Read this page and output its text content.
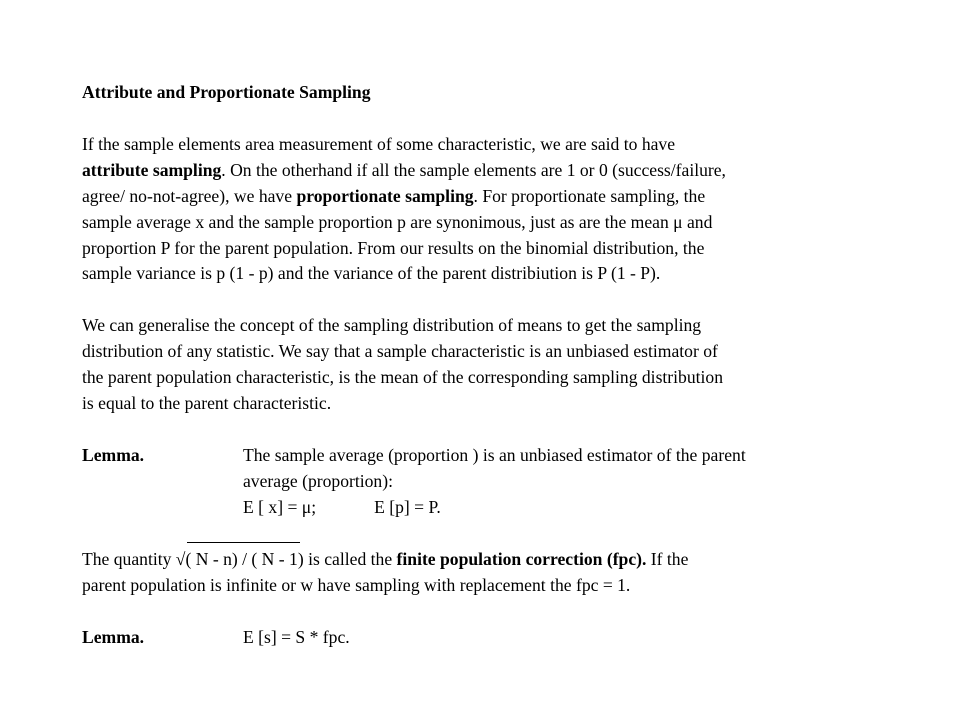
Attribute and Proportionate Sampling
If the sample elements area measurement of some characteristic, we are said to have
attribute sampling. On the otherhand if all the sample elements are 1 or 0 (success/failure,
agree/ no-not-agree), we have proportionate sampling. For proportionate sampling, the
sample average x and the sample proportion p are synonimous, just as are the mean μ and
proportion P for the parent population. From our results on the binomial distribution, the
sample variance is p (1 - p) and the variance of the parent distribiution is P (1 - P).
We can generalise the concept of the sampling distribution of means to get the sampling
distribution of any statistic. We say that a sample characteristic is an unbiased estimator of
the parent population characteristic, is the mean of the corresponding sampling distribution
is equal to the parent characteristic.
Lemma.	The sample average (proportion ) is an unbiased estimator of the parent
average (proportion):
E [ x] = μ;	E [p] = P.
The quantity √
( N - n) / ( N - 1) is called the finite population correction (fpc). If the
parent population is infinite or w have sampling with replacement the fpc = 1.
Lemma.	E [s] = S * fpc.
